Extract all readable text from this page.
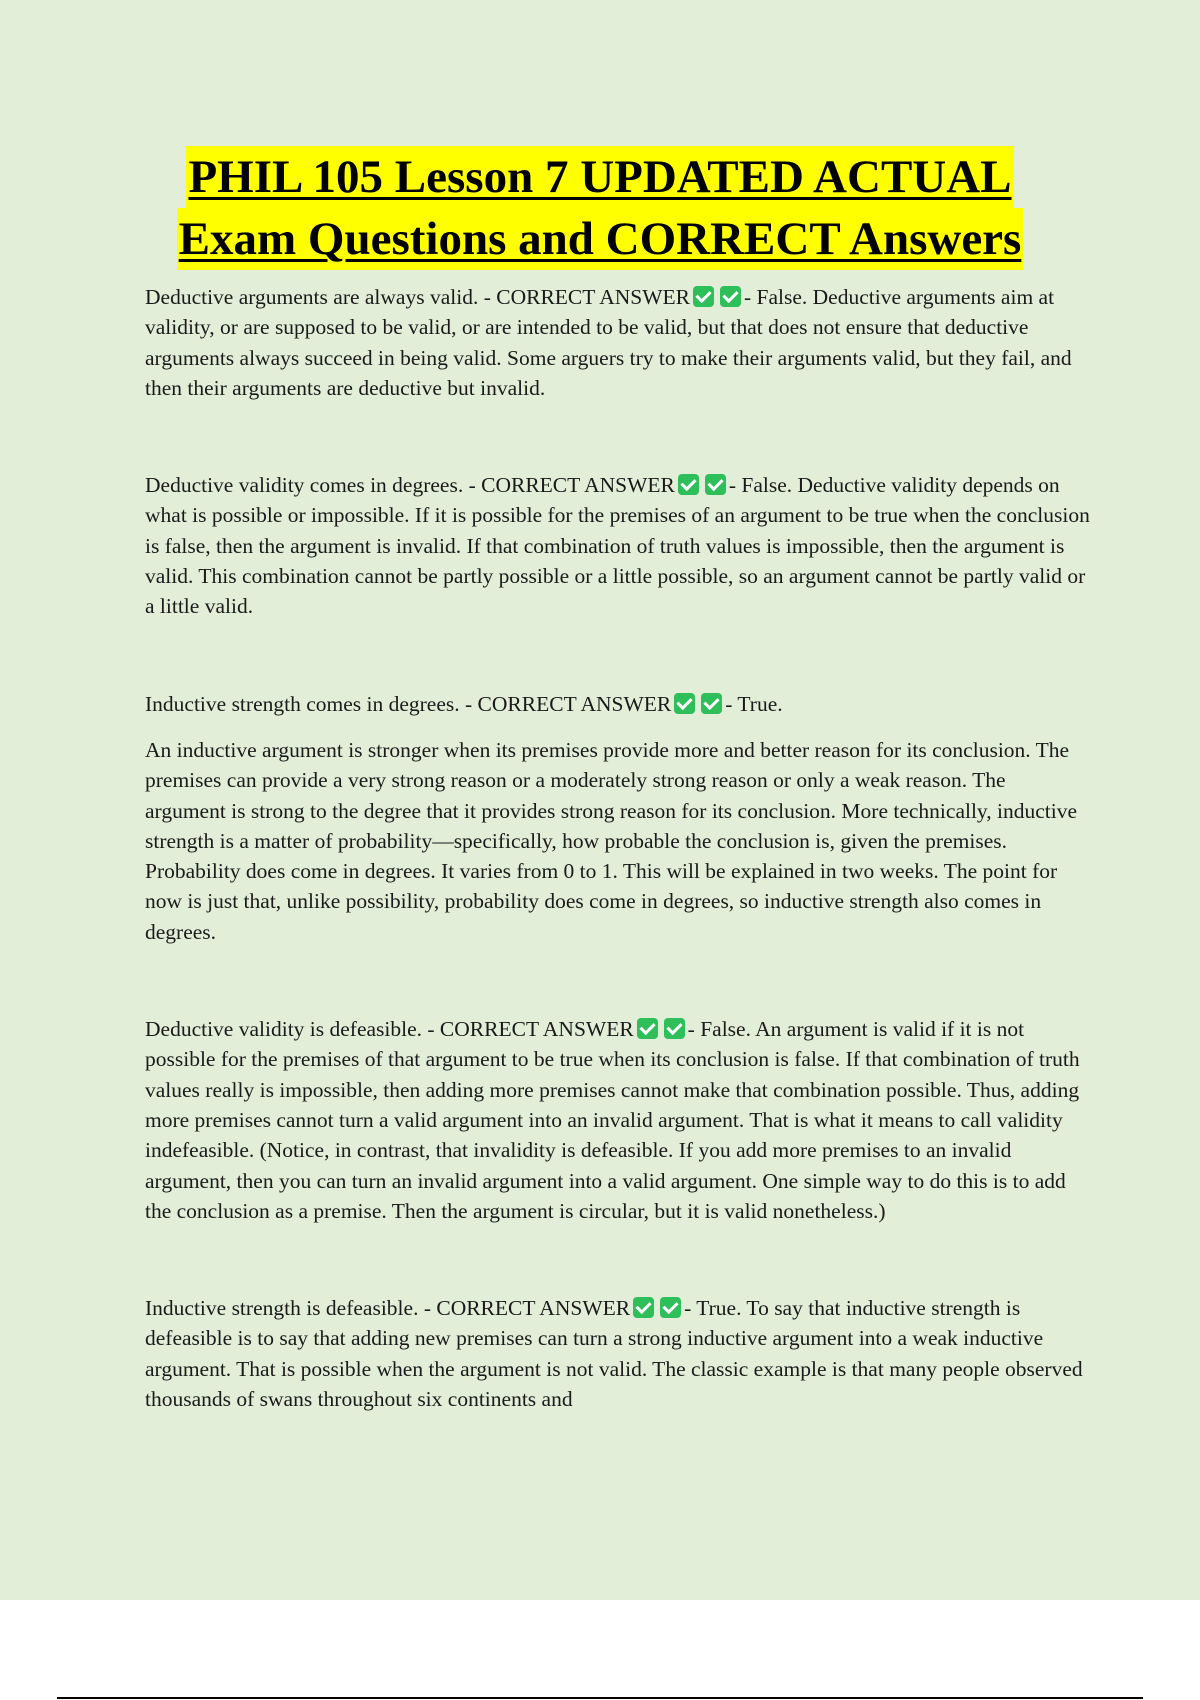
PHIL 105 Lesson 7 UPDATED ACTUAL
Exam Questions and CORRECT Answers

Deductive arguments are always valid. - CORRECT ANSWER	- False. Deductive arguments aim at validity, or are supposed to be valid, or are intended to be valid, but that does not ensure that deductive arguments always succeed in being valid. Some arguers try to make their arguments valid, but they fail, and then their arguments are deductive but invalid.

Deductive validity comes in degrees. - CORRECT ANSWER	- False. Deductive validity depends on what is possible or impossible. If it is possible for the premises of an argument to be true when the conclusion is false, then the argument is invalid. If that combination of truth values is impossible, then the argument is valid. This combination cannot be partly possible or a little possible, so an argument cannot be partly valid or a little valid.

Inductive strength comes in degrees. - CORRECT ANSWER	- True.

An inductive argument is stronger when its premises provide more and better reason for its conclusion. The premises can provide a very strong reason or a moderately strong reason or only a weak reason. The argument is strong to the degree that it provides strong reason for its conclusion. More technically, inductive strength is a matter of probability—specifically, how probable the conclusion is, given the premises. Probability does come in degrees. It varies from 0 to 1. This will be explained in two weeks. The point for now is just that, unlike possibility, probability does come in degrees, so inductive strength also comes in degrees.

Deductive validity is defeasible. - CORRECT ANSWER	- False. An argument is valid if it is not possible for the premises of that argument to be true when its conclusion is false. If that combination of truth values really is impossible, then adding more premises cannot make that combination possible. Thus, adding more premises cannot turn a valid argument into an invalid argument. That is what it means to call validity indefeasible. (Notice, in contrast, that invalidity is defeasible. If you add more premises to an invalid argument, then you can turn an invalid argument into a valid argument. One simple way to do this is to add the conclusion as a premise. Then the argument is circular, but it is valid nonetheless.)

Inductive strength is defeasible. - CORRECT ANSWER	- True. To say that inductive strength is defeasible is to say that adding new premises can turn a strong inductive argument into a weak inductive argument. That is possible when the argument is not valid. The classic example is that many people observed thousands of swans throughout six continents and
